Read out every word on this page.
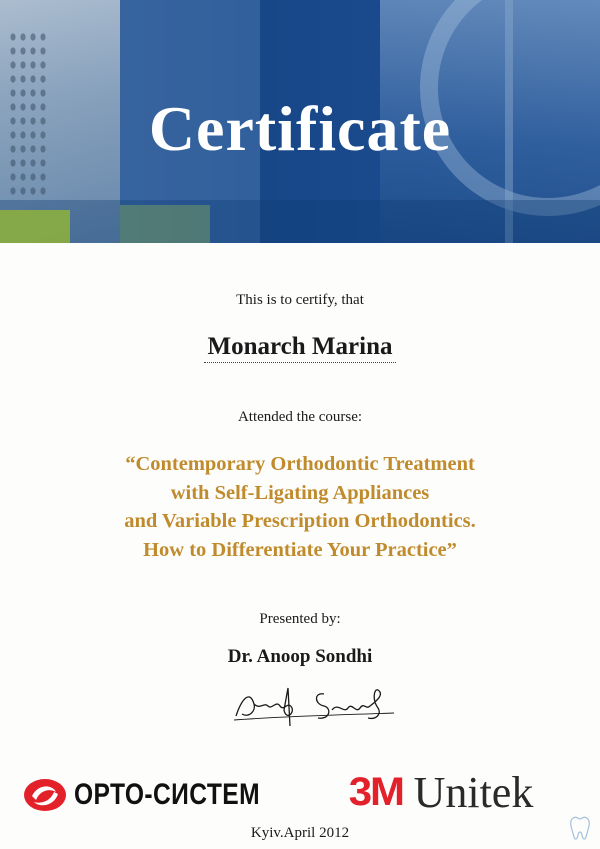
Certificate
This is to certify, that
Monarch Marina
Attended the course:
“Contemporary Orthodontic Treatment
with Self-Ligating Appliances
and Variable Prescription Orthodontics.
How to Differentiate Your Practice”
Presented by:
Dr. Anoop Sondhi
ОРТО-СИСТЕМ 3M Unitek
Kyiv.April 2012
